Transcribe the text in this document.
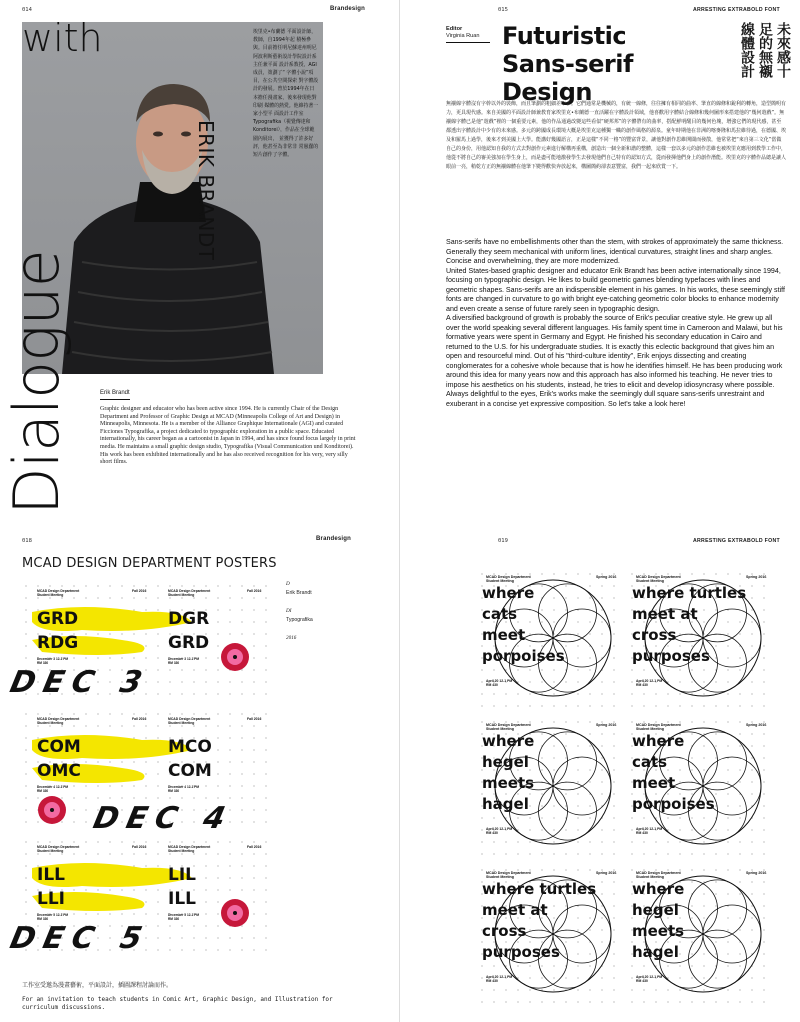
014	Brandesign
埃里克•布蘭德 平面設計師，教師，自1994年起 積極參與。目前擔任明尼蘇達州明尼 阿波利斯藝術設計學院設計系主任兼平面 設計系教授，AGI成員，策劃了“ 字體小說”項目，在公共空間探索 對字體設計的發展。曾於1994年在日 本擔任漫畫家，後來發現他對印刷 媒體的熱愛。他維持著一家小型平 面設計工作室Typografika（視覺傳達和 Konditorei），作品在全球範圍內展出， 並獲得了許多好評，他甚至為非常非 常愚蠢的短片創作了字體。
with
ERIK BRANDT
Dialogue	Erik Brandt
Graphic designer and educator who has been active since 1994. He is currently Chair of the Design Department and Professor of Graphic Design at MCAD (Minneapolis College of Art and Design) in Minneapolis, Minnesota. He is a member of the Alliance Graphique Internationale (AGI) and curated Ficciones Typografika, a project dedicated to typographic exploration in a public space. Educated internationally, his career began as a cartoonist in Japan in 1994, and has since found focus largely in print media. He maintains a small graphic design studio, Typografika (Visual Communication und Konditorei). His work has been exhibited internationally and he has also received recognition for his very, very silly short films.
015	ARRESTING EXTRABOLD FONT
Editor
Virginia Ruan Futuristic Sans-serif Design
未來感十
足的無襯
線體設計
無襯線字體沒有字幹以外的裝飾，而且筆劃的粗細差不多。它們通常是機械的，有統一線條，往往擁有相同的曲率、筆直的線條和銳利的轉角，造型簡明有力，更具現代感。來自美國的平面設計師兼教育家埃里克•布蘭德一直活躍在字體設計領域，他喜歡用字體結合線條和幾何圖形來搭建他的“幾何遊戲”。無襯線字體已是他“遊戲”裡的一個重要元素，他的作品通過改變這些看似“硬邦邦”的字體帶有的曲率，搭配鮮明醒目的幾何色塊，增強它們的現代感，甚至都透出字體設計中少有的未來感。多元的跨國成長環境大概是埃里克這種獨一幟的創作風格的源泉。童年時期他在非洲的喀麥隆和馬拉維待過，在德國、埃及和羅馬上過學，後來才到美國上大學。能講好幾國語言，正是這樣“不同一格”的豐富背景，讓他對創作思維開闊而發散，他常常把“來自第三文化”當做自己的身份，用他認知自我的方式去對創作元素進行解構再重構，創造出一個全新和諧的整體，這樣一套以多元的創作思維也被埃里克應用到教學工作中，他從不將自己的審美強加在學生身上，而是盡可能地激發學生去發現他們自己特有的認知方式，從而發揮他們身上的創作潛能。埃里克的字體作品總是讓人眼前一亮，稍乾方正的無襯線體在他筆下變得歡快奔放起來，構圖簡約卻表意豐富，我們一起來欣賞一下。

Sans-serifs have no embellishments other than the stem, with strokes of approximately the same thickness. Generally they seem mechanical with uniform lines, identical curvatures, straight lines and sharp angles. Concise and overwhelming, they are more modernized.

United States-based graphic designer and educator Erik Brandt has been active internationally since 1994, focusing on typographic design. He likes to build geometric games blending typefaces with lines and geometric shapes. Sans-serifs are an indispensible element in his games. In his works, these seemingly stiff fonts are changed in curvature to go with bright eye-catching geometric color blocks to enhance modernity and even create a sense of future rarely seen in typographic design.

A diversified background of growth is probably the source of Erik's peculiar creative style. He grew up all over the world speaking several different languages. His family spent time in Cameroon and Malawi, but his formative years were spent in Germany and Egypt. He finished his secondary education in Cairo and returned to the U.S. for his undergraduate studies. It is exactly this eclectic background that gives him an open and resourceful mind. Out of his "third-culture identity", Erik enjoys dissecting and creating conglomerates for a cohesive whole because that is how he identifies himself. He has been producing work around this idea for many years now and this approach has also informed his teaching. He never tries to impose his aesthetics on his students, instead, he tries to elicit and develop idiosyncrasy where possible.

Always delightful to the eyes, Erik's works make the seemingly dull square sans-serifs unrestraint and exuberant in a concise yet expressive composition. So let's take a look here!

018	Brandesign
MCAD DESIGN DEPARTMENT POSTERS
MCAD Design Department
Student Meeting
Fall 2016	MCAD Design Department
Student Meeting
Fall 2016
GRD
RDG
DGR
GRD
December 3 12-1 PM
RM 330
December 3 12-1 PM
RM 330
DEC 3
MCAD Design Department
Student Meeting
Fall 2016	MCAD Design Department
Student Meeting
Fall 2016
COM
OMC
MCO
COM
December 4 12-1 PM
RM 330
December 4 12-1 PM
RM 330
DEC 4
MCAD Design Department
Student Meeting
Fall 2016	MCAD Design Department
Student Meeting
Fall 2016
ILL
LLI
LIL
ILL
December 5 12-1 PM
RM 330
December 5 12-1 PM
RM 330
DEC 5
D
Erik Brandt

DI
Typografika

2016
工作室受邀為漫畫藝術，平面設計，插圖課程討論而作。
For an invitation to teach students in Comic Art, Graphic Design, and Illustration for curriculum discussions.
019	ARRESTING EXTRABOLD FONT
MCAD Design Department
Student Meeting
Spring 2016
where
cats
meet
porpoises
April 20 12-1 PM
RM 430
MCAD Design Department
Student Meeting
Spring 2016
where turtles
meet at
cross
purposes
April 20 12-1 PM
RM 430
MCAD Design Department
Student Meeting
Spring 2016
where
hegel
meets
hagel
April 20 12-1 PM
RM 430
MCAD Design Department
Student Meeting
Spring 2016
where
cats
meet
porpoises
April 20 12-1 PM
RM 430
MCAD Design Department
Student Meeting
Spring 2016
where turtles
meet at
cross
purposes
April 20 12-1 PM
RM 430
MCAD Design Department
Student Meeting
Spring 2016
where
hegel
meets
hagel
April 20 12-1 PM
RM 430
